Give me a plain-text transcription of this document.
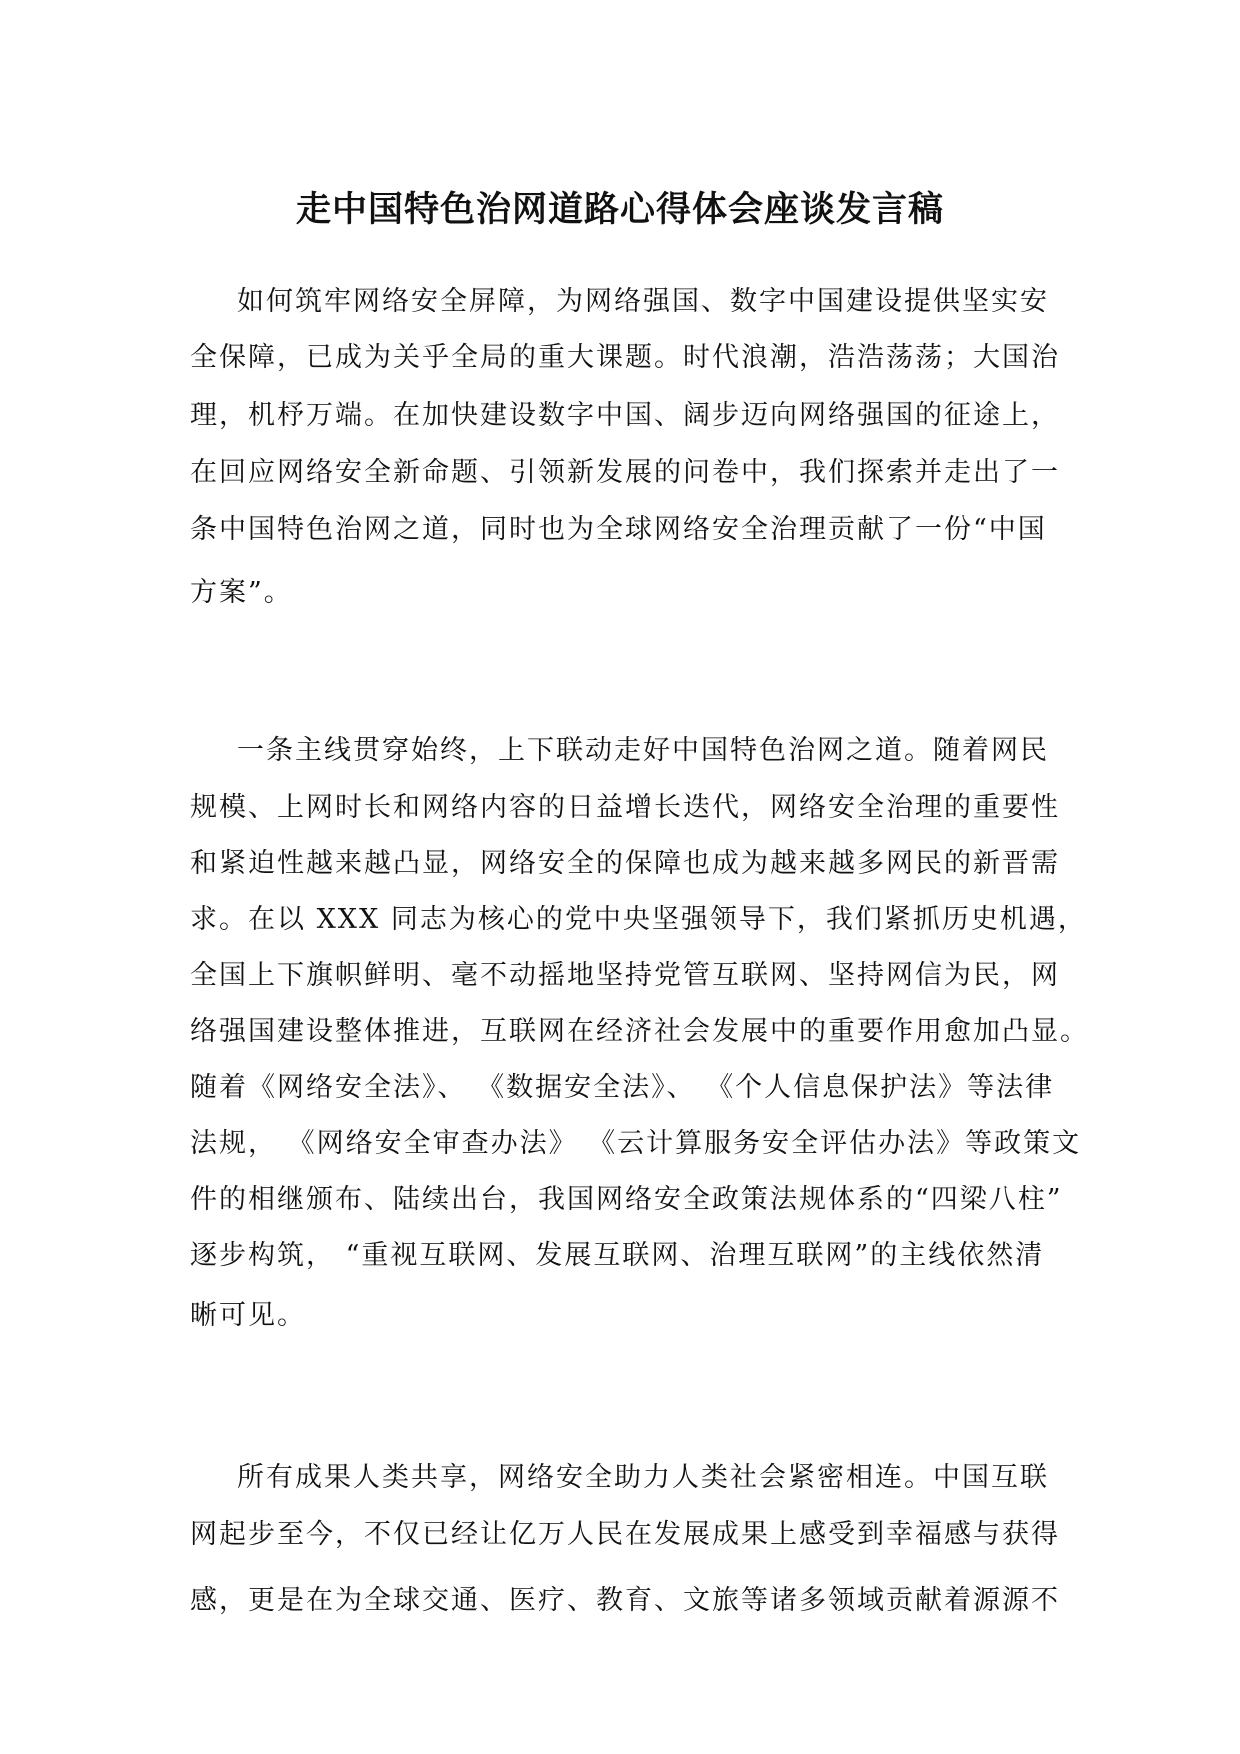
走中国特色治网道路心得体会座谈发言稿
如何筑牢网络安全屏障，为网络强国、数字中国建设提供坚实安
全保障，已成为关乎全局的重大课题。时代浪潮，浩浩荡荡；大国治
理，机杼万端。在加快建设数字中国、阔步迈向网络强国的征途上，
在回应网络安全新命题、引领新发展的问卷中，我们探索并走出了一
条中国特色治网之道，同时也为全球网络安全治理贡献了一份“中国
方案”。
一条主线贯穿始终，上下联动走好中国特色治网之道。随着网民
规模、上网时长和网络内容的日益增长迭代，网络安全治理的重要性
和紧迫性越来越凸显，网络安全的保障也成为越来越多网民的新晋需
求。在以 XXX 同志为核心的党中央坚强领导下，我们紧抓历史机遇，
全国上下旗帜鲜明、毫不动摇地坚持党管互联网、坚持网信为民，网
络强国建设整体推进，互联网在经济社会发展中的重要作用愈加凸显。
随着《网络安全法》、 《数据安全法》、 《个人信息保护法》等法律
法规， 《网络安全审查办法》 《云计算服务安全评估办法》等政策文
件的相继颁布、陆续出台，我国网络安全政策法规体系的“四梁八柱”
逐步构筑， “重视互联网、发展互联网、治理互联网”的主线依然清
晰可见。
所有成果人类共享，网络安全助力人类社会紧密相连。中国互联
网起步至今，不仅已经让亿万人民在发展成果上感受到幸福感与获得
感，更是在为全球交通、医疗、教育、文旅等诸多领域贡献着源源不
